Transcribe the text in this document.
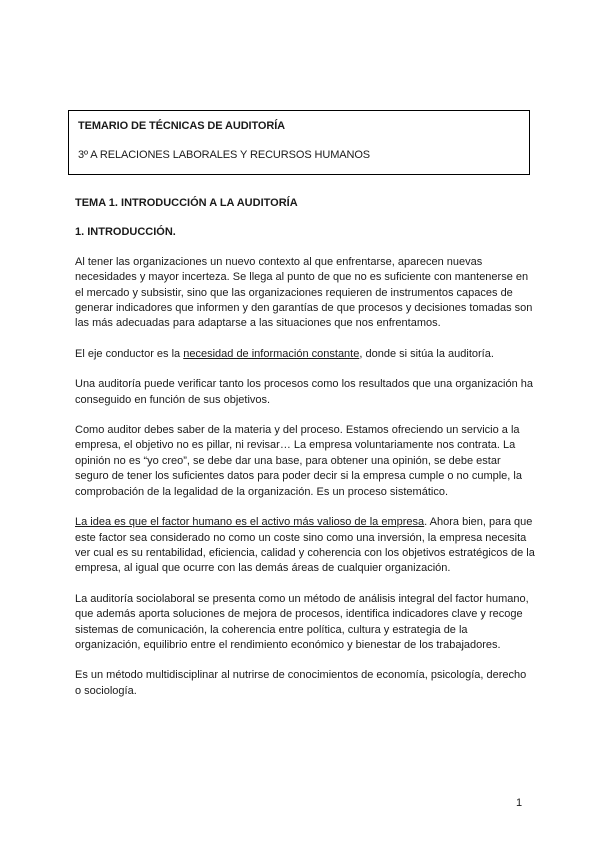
TEMARIO DE TÉCNICAS DE AUDITORÍA
3º A RELACIONES LABORALES Y RECURSOS HUMANOS
TEMA 1. INTRODUCCIÓN A LA AUDITORÍA
1. INTRODUCCIÓN.

Al tener las organizaciones un nuevo contexto al que enfrentarse, aparecen nuevas necesidades y mayor incerteza. Se llega al punto de que no es suficiente con mantenerse en el mercado y subsistir, sino que las organizaciones requieren de instrumentos capaces de generar indicadores que informen y den garantías de que procesos y decisiones tomadas son las más adecuadas para adaptarse a las situaciones que nos enfrentamos.

El eje conductor es la necesidad de información constante, donde si sitúa la auditoría.

Una auditoría puede verificar tanto los procesos como los resultados que una organización ha conseguido en función de sus objetivos.

Como auditor debes saber de la materia y del proceso. Estamos ofreciendo un servicio a la empresa, el objetivo no es pillar, ni revisar… La empresa voluntariamente nos contrata. La opinión no es “yo creo”, se debe dar una base, para obtener una opinión, se debe estar seguro de tener los suficientes datos para poder decir si la empresa cumple o no cumple, la comprobación de la legalidad de la organización. Es un proceso sistemático.

La idea es que el factor humano es el activo más valioso de la empresa. Ahora bien, para que este factor sea considerado no como un coste sino como una inversión, la empresa necesita ver cual es su rentabilidad, eficiencia, calidad y coherencia con los objetivos estratégicos de la empresa, al igual que ocurre con las demás áreas de cualquier organización.

La auditoría sociolaboral se presenta como un método de análisis integral del factor humano, que además aporta soluciones de mejora de procesos, identifica indicadores clave y recoge sistemas de comunicación, la coherencia entre política, cultura y estrategia de la organización, equilibrio entre el rendimiento económico y bienestar de los trabajadores.

Es un método multidisciplinar al nutrirse de conocimientos de economía, psicología, derecho o sociología.

1
